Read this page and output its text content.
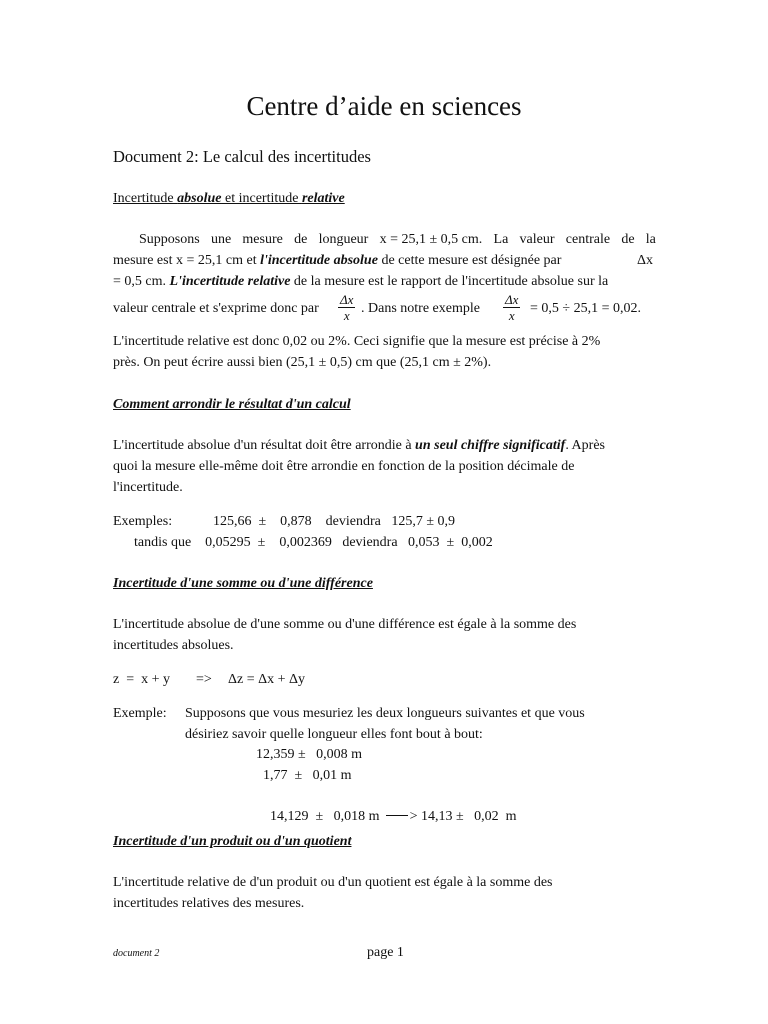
Centre d’aide en sciences
Document 2: Le calcul des incertitudes
Incertitude absolue et incertitude relative
Supposons une mesure de longueur x = 25,1 ± 0,5 cm. La valeur centrale de la
mesure est x = 25,1 cm et l'incertitude absolue de cette mesure est désignée par	Δx
= 0,5 cm. L'incertitude relative de la mesure est le rapport de l'incertitude absolue sur la
valeur centrale et s'exprime donc par $\frac{\Delta x}{x}$ . Dans notre exemple $\frac{\Delta x}{x} = 0,5 \div 25,1 = 0,02$.
L'incertitude relative est donc 0,02 ou 2%. Ceci signifie que la mesure est précise à 2%
près. On peut écrire aussi bien (25,1 ± 0,5) cm que (25,1 cm ± 2%).
Comment arrondir le résultat d'un calcul
L'incertitude absolue d'un résultat doit être arrondie à un seul chiffre significatif. Après
quoi la mesure elle-même doit être arrondie en fonction de la position décimale de
l'incertitude.
Exemples:	125,66  ±    0,878    deviendra   125,7 ± 0,9
tandis que    0,05295  ±    0,002369   deviendra   0,053  ±  0,002
Incertitude d'une somme ou d'une différence
L'incertitude absolue de d'une somme ou d'une différence est égale à la somme des
incertitudes absolues.
z  =  x + y => Δz = Δx + Δy
Exemple: Supposons que vous mesuriez les deux longueurs suivantes et que vous
désiriez savoir quelle longueur elles font bout à bout:
12,359 ±   0,008 m
1,77  ±   0,01 m

14,129  ±   0,018 m > 14,13 ±   0,02  m

Incertitude d'un produit ou d'un quotient
L'incertitude relative de d'un produit ou d'un quotient est égale à la somme des
incertitudes relatives des mesures.
document 2	page 1
